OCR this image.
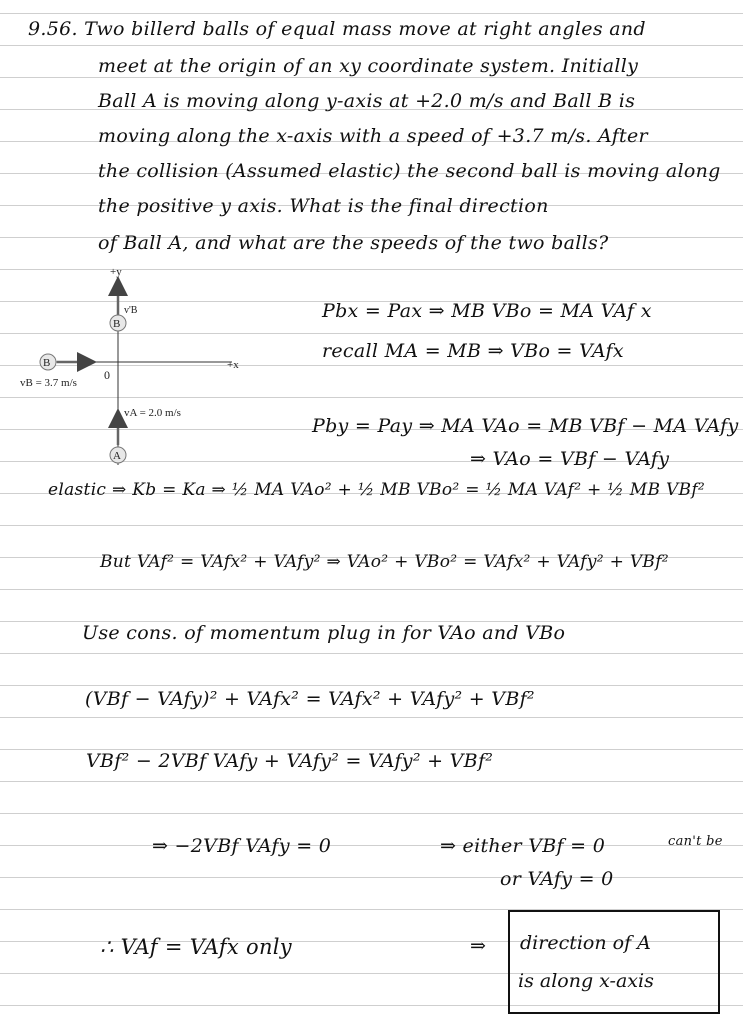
9.56. Two billerd balls of equal mass move at right angles and
meet at the origin of an xy coordinate system. Initially
Ball A is moving along y-axis at +2.0 m/s and Ball B is
moving along the x-axis with a speed of +3.7 m/s. After
the collision (Assumed elastic) the second ball is moving along
the positive y axis. What is the final direction
of Ball A, and what are the speeds of the two balls?
+y
+x
0
B
v'B
B
vB = 3.7 m/s
A
vA = 2.0 m/s
Pbx = Pax ⇒ MB VBo = MA VAf x
recall MA = MB ⇒ VBo = VAfx
Pby = Pay ⇒ MA VAo = MB VBf − MA VAfy
⇒ VAo = VBf − VAfy
elastic ⇒ Kb = Ka ⇒ ½ MA VAo² + ½ MB VBo² = ½ MA VAf² + ½ MB VBf²
But VAf² = VAfx² + VAfy² ⇒ VAo² + VBo² = VAfx² + VAfy² + VBf²
Use cons. of momentum plug in for VAo and VBo
(VBf − VAfy)² + VAfx² = VAfx² + VAfy² + VBf²
VBf² − 2VBf VAfy + VAfy² = VAfy² + VBf²
⇒ −2VBf VAfy = 0	⇒ either VBf = 0	can't be
or VAfy = 0
∴ VAf = VAfx only	⇒ direction of A
is along x-axis
